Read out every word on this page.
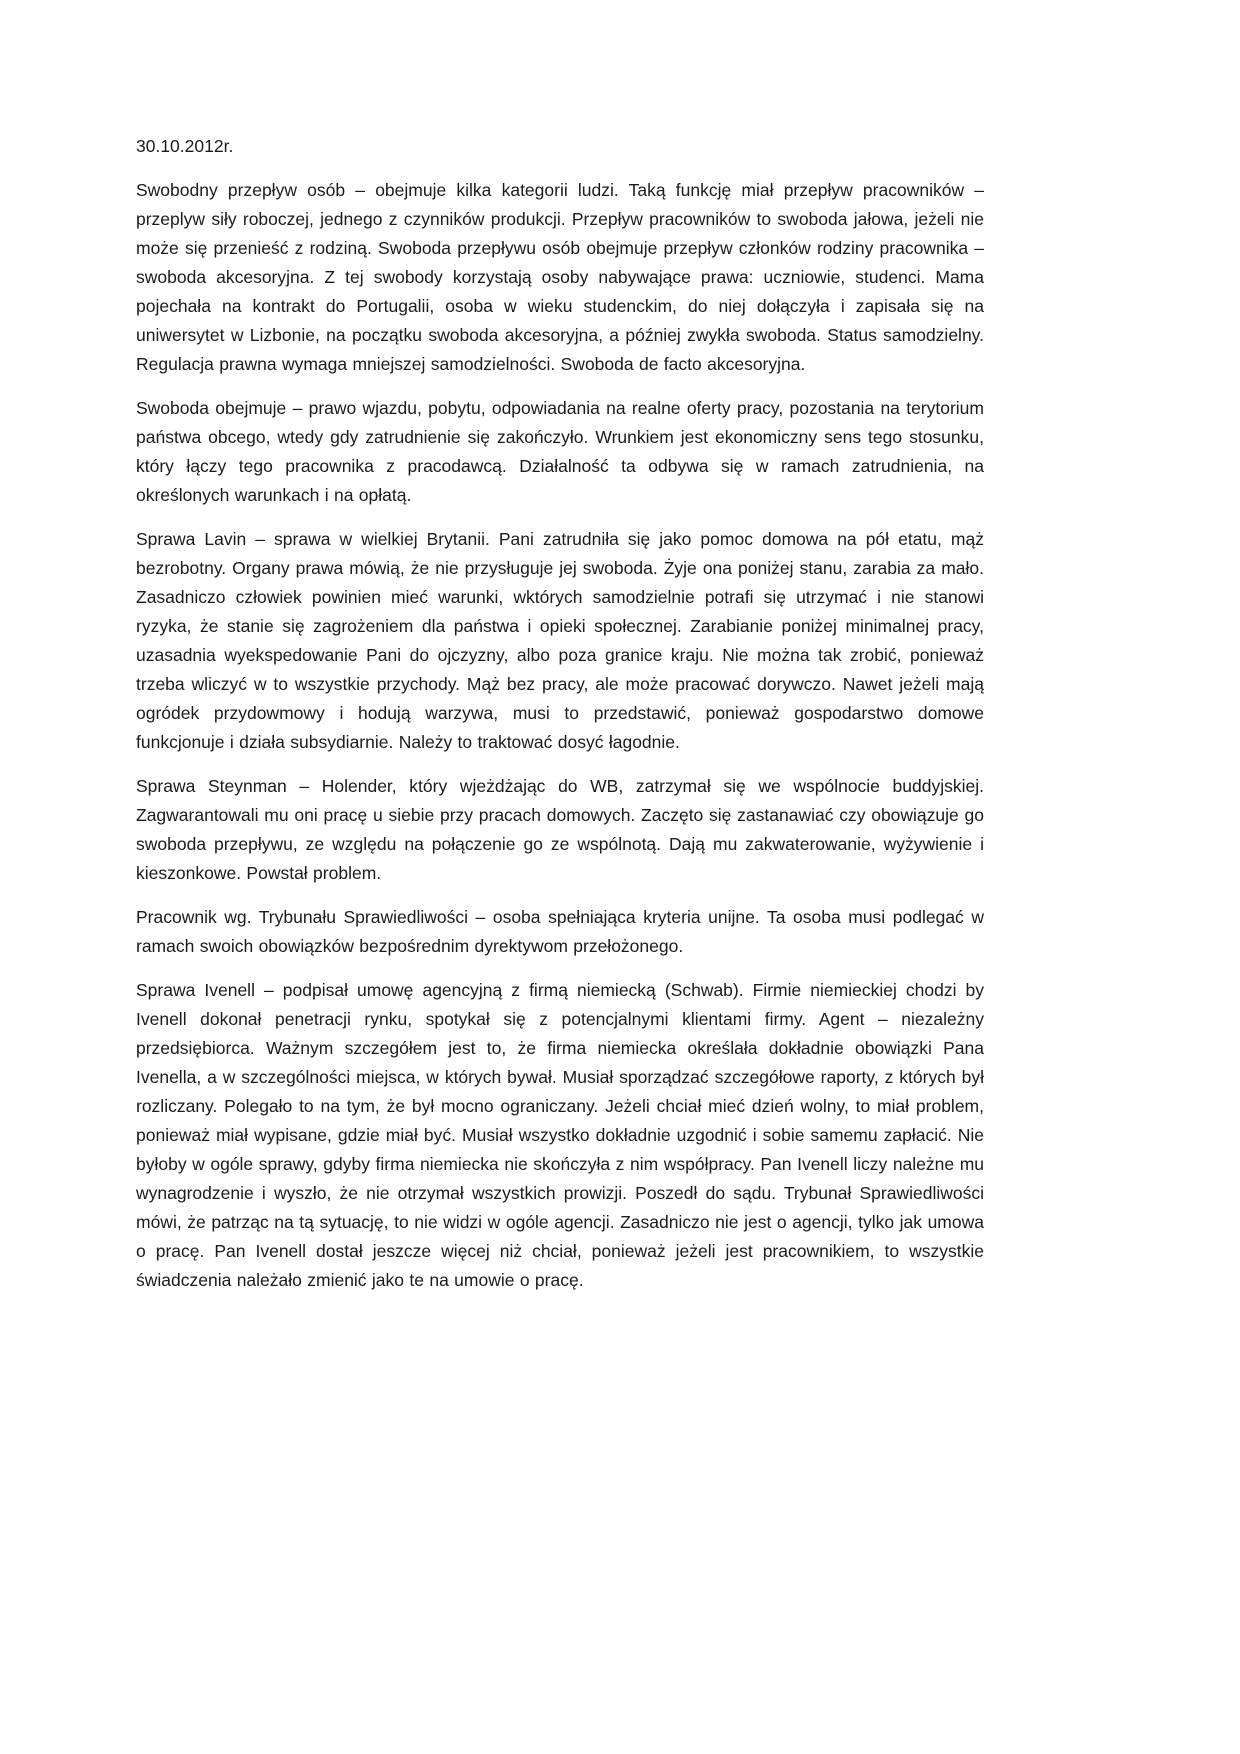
30.10.2012r.

Swobodny przepływ osób – obejmuje kilka kategorii ludzi. Taką funkcję miał przepływ pracowników –przeplyw siły roboczej, jednego z czynników produkcji. Przepływ pracowników to swoboda jałowa, jeżeli nie może się przenieść z rodziną. Swoboda przepływu osób obejmuje przepływ członków rodziny pracownika – swoboda akcesoryjna. Z tej swobody korzystają osoby nabywające prawa: uczniowie, studenci. Mama pojechała na kontrakt do Portugalii, osoba w wieku studenckim, do niej dołączyła i zapisała się na uniwersytet w Lizbonie, na początku swoboda akcesoryjna, a później zwykła swoboda. Status samodzielny. Regulacja prawna wymaga mniejszej samodzielności. Swoboda de facto akcesoryjna.

Swoboda obejmuje – prawo wjazdu, pobytu, odpowiadania na realne oferty pracy, pozostania na terytorium państwa obcego, wtedy gdy zatrudnienie się zakończyło. Wrunkiem jest ekonomiczny sens tego stosunku, który łączy tego pracownika z pracodawcą. Działalność ta odbywa się w ramach zatrudnienia, na określonych warunkach i na opłatą.

Sprawa Lavin – sprawa w wielkiej Brytanii. Pani zatrudniła się jako pomoc domowa na pół etatu, mąż bezrobotny. Organy prawa mówią, że nie przysługuje jej swoboda. Żyje ona poniżej stanu, zarabia za mało. Zasadniczo człowiek powinien mieć warunki, wktórych samodzielnie potrafi się utrzymać i nie stanowi ryzyka, że stanie się zagrożeniem dla państwa i opieki społecznej. Zarabianie poniżej minimalnej pracy, uzasadnia wyekspedowanie Pani do ojczyzny, albo poza granice kraju. Nie można tak zrobić, ponieważ trzeba wliczyć w to wszystkie przychody. Mąż bez pracy, ale może pracować dorywczo. Nawet jeżeli mają ogródek przydowmowy i hodują warzywa, musi to przedstawić, ponieważ gospodarstwo domowe funkcjonuje i działa subsydiarnie. Należy to traktować dosyć łagodnie.

Sprawa Steynman – Holender, który wjeżdżając do WB, zatrzymał się we wspólnocie buddyjskiej. Zagwarantowali mu oni pracę u siebie przy pracach domowych. Zaczęto się zastanawiać czy obowiązuje go swoboda przepływu, ze względu na połączenie go ze wspólnotą. Dają mu zakwaterowanie, wyżywienie i kieszonkowe. Powstał problem.

Pracownik wg. Trybunału Sprawiedliwości – osoba spełniająca kryteria unijne. Ta osoba musi podlegać w ramach swoich obowiązków bezpośrednim dyrektywom przełożonego.

Sprawa Ivenell – podpisał umowę agencyjną z firmą niemiecką (Schwab). Firmie niemieckiej chodzi by Ivenell dokonał penetracji rynku, spotykał się z potencjalnymi klientami firmy. Agent – niezależny przedsiębiorca. Ważnym szczegółem jest to, że firma niemiecka określała dokładnie obowiązki Pana Ivenella, a w szczególności miejsca, w których bywał. Musiał sporządzać szczegółowe raporty, z których był rozliczany. Polegało to na tym, że był mocno ograniczany. Jeżeli chciał mieć dzień wolny, to miał problem, ponieważ miał wypisane, gdzie miał być. Musiał wszystko dokładnie uzgodnić i sobie samemu zapłacić. Nie byłoby w ogóle sprawy, gdyby firma niemiecka nie skończyła z nim współpracy. Pan Ivenell liczy należne mu wynagrodzenie i wyszło, że nie otrzymał wszystkich prowizji. Poszedł do sądu. Trybunał Sprawiedliwości mówi, że patrząc na tą sytuację, to nie widzi w ogóle agencji. Zasadniczo nie jest o agencji, tylko jak umowa o pracę. Pan Ivenell dostał jeszcze więcej niż chciał, ponieważ jeżeli jest pracownikiem, to wszystkie świadczenia należało zmienić jako te na umowie o pracę.
